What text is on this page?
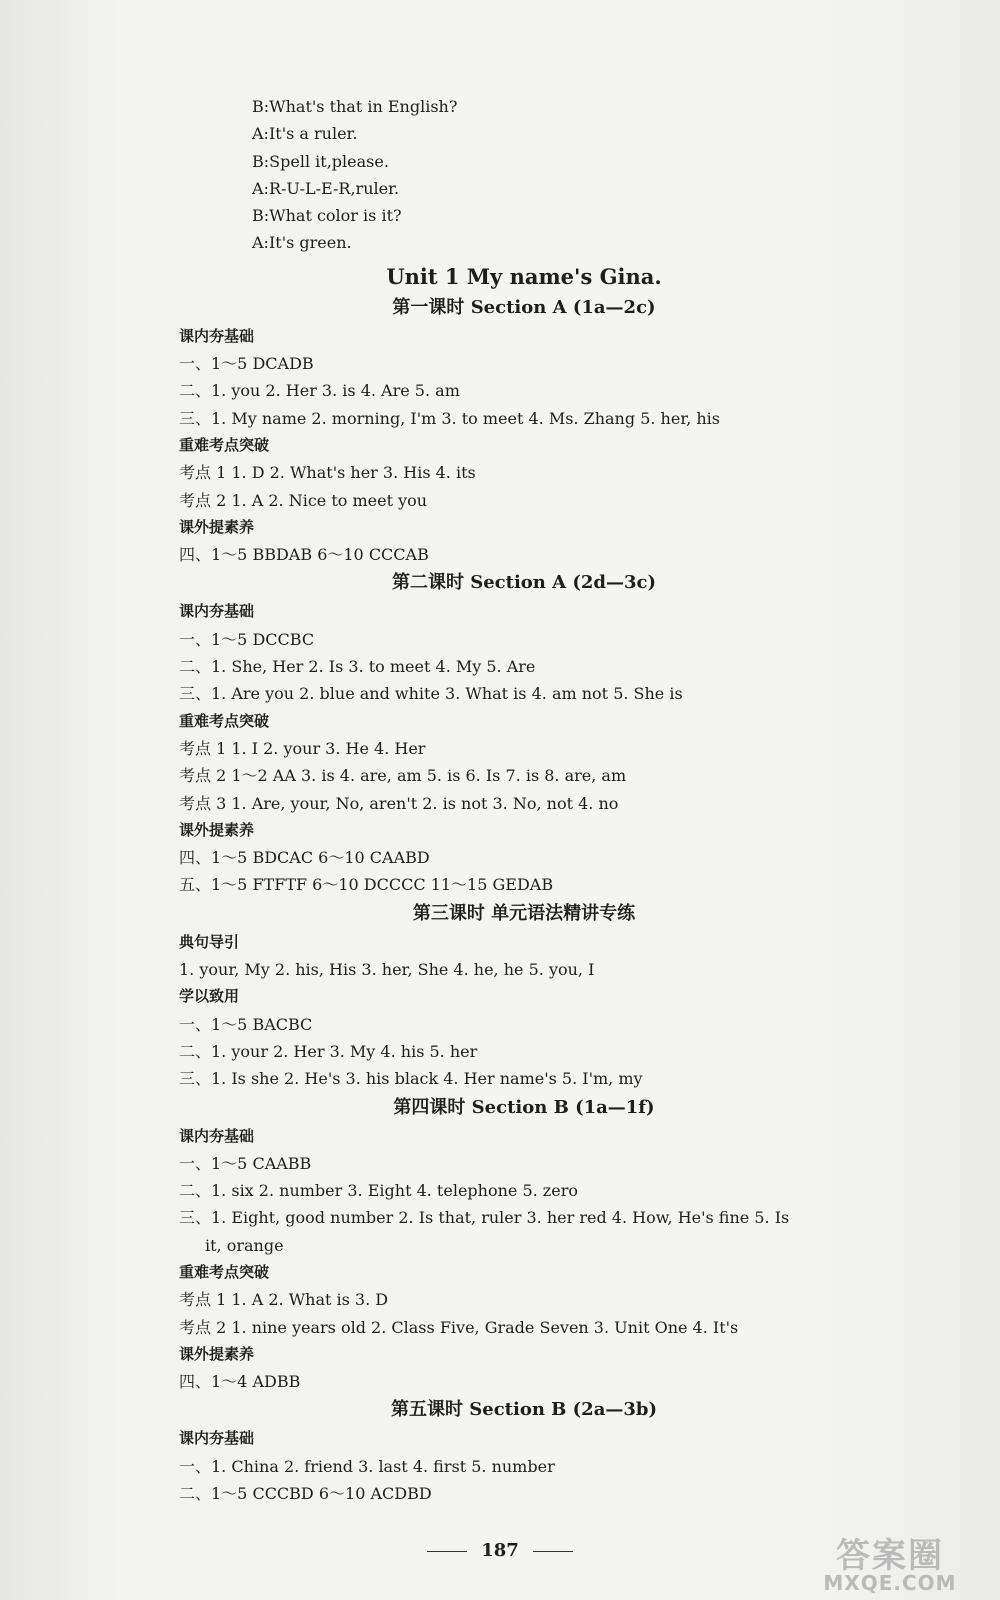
B:What's that in English?
A:It's a ruler.
B:Spell it,please.
A:R-U-L-E-R,ruler.
B:What color is it?
A:It's green.
Unit 1 My name's Gina.
第一课时 Section A (1a—2c)
课内夯基础
一、1～5 DCADB
二、1. you 2. Her 3. is 4. Are 5. am
三、1. My name 2. morning, I'm 3. to meet 4. Ms. Zhang 5. her, his
重难考点突破
考点 1 1. D 2. What's her 3. His 4. its
考点 2 1. A 2. Nice to meet you
课外提素养
四、1～5 BBDAB 6～10 CCCAB
第二课时 Section A (2d—3c)
课内夯基础
一、1～5 DCCBC
二、1. She, Her 2. Is 3. to meet 4. My 5. Are
三、1. Are you 2. blue and white 3. What is 4. am not 5. She is
重难考点突破
考点 1 1. I 2. your 3. He 4. Her
考点 2 1～2 AA 3. is 4. are, am 5. is 6. Is 7. is 8. are, am
考点 3 1. Are, your, No, aren't 2. is not 3. No, not 4. no
课外提素养
四、1～5 BDCAC 6～10 CAABD
五、1～5 FTFTF 6～10 DCCCC 11～15 GEDAB
第三课时 单元语法精讲专练
典句导引
1. your, My 2. his, His 3. her, She 4. he, he 5. you, I
学以致用
一、1～5 BACBC
二、1. your 2. Her 3. My 4. his 5. her
三、1. Is she 2. He's 3. his black 4. Her name's 5. I'm, my
第四课时 Section B (1a—1f)
课内夯基础
一、1～5 CAABB
二、1. six 2. number 3. Eight 4. telephone 5. zero
三、1. Eight, good number 2. Is that, ruler 3. her red 4. How, He's fine 5. Is
it, orange
重难考点突破
考点 1 1. A 2. What is 3. D
考点 2 1. nine years old 2. Class Five, Grade Seven 3. Unit One 4. It's
课外提素养
四、1～4 ADBB
第五课时 Section B (2a—3b)
课内夯基础
一、1. China 2. friend 3. last 4. first 5. number
二、1～5 CCCBD 6～10 ACDBD
187	答案圈
MXQE.COM
